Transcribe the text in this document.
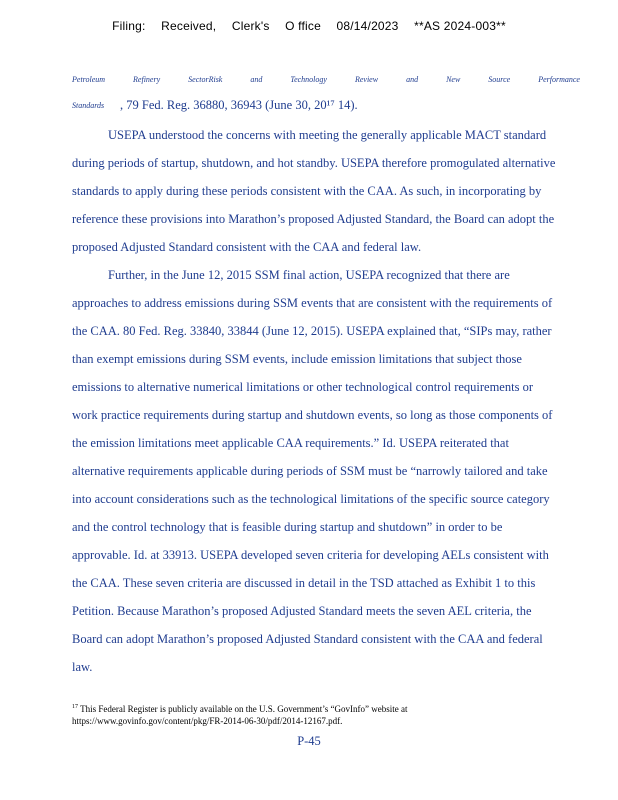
Filing: Received, Clerk's O ffice 08/14/2023 **AS 2024-003**
Petroleum	Refinery	SectorRisk	and	Technology	Review	and	New	Source	Performance
Standards , 79 Fed. Reg. 36880, 36943 (June 30, 20¹⁷ 14).
USEPA understood the concerns with meeting the generally applicable MACT standard
during periods of startup, shutdown, and hot standby. USEPA therefore promogulated alternative
standards to apply during these periods consistent with the CAA. As such, in incorporating by
reference these provisions into Marathon’s proposed Adjusted Standard, the Board can adopt the
proposed Adjusted Standard consistent with the CAA and federal law.
Further, in the June 12, 2015 SSM final action, USEPA recognized that there are
approaches to address emissions during SSM events that are consistent with the requirements of
the CAA. 80 Fed. Reg. 33840, 33844 (June 12, 2015). USEPA explained that, “SIPs may, rather
than exempt emissions during SSM events, include emission limitations that subject those
emissions to alternative numerical limitations or other technological control requirements or
work practice requirements during startup and shutdown events, so long as those components of
the emission limitations meet applicable CAA requirements.” Id. USEPA reiterated that
alternative requirements applicable during periods of SSM must be “narrowly tailored and take
into account considerations such as the technological limitations of the specific source category
and the control technology that is feasible during startup and shutdown” in order to be
approvable. Id. at 33913. USEPA developed seven criteria for developing AELs consistent with
the CAA. These seven criteria are discussed in detail in the TSD attached as Exhibit 1 to this
Petition. Because Marathon’s proposed Adjusted Standard meets the seven AEL criteria, the
Board can adopt Marathon’s proposed Adjusted Standard consistent with the CAA and federal
law.
$^{17}$ This Federal Register is publicly available on the U.S. Government’s “GovInfo” website at
https://www.govinfo.gov/content/pkg/FR-2014-06-30/pdf/2014-12167.pdf.
P-45
